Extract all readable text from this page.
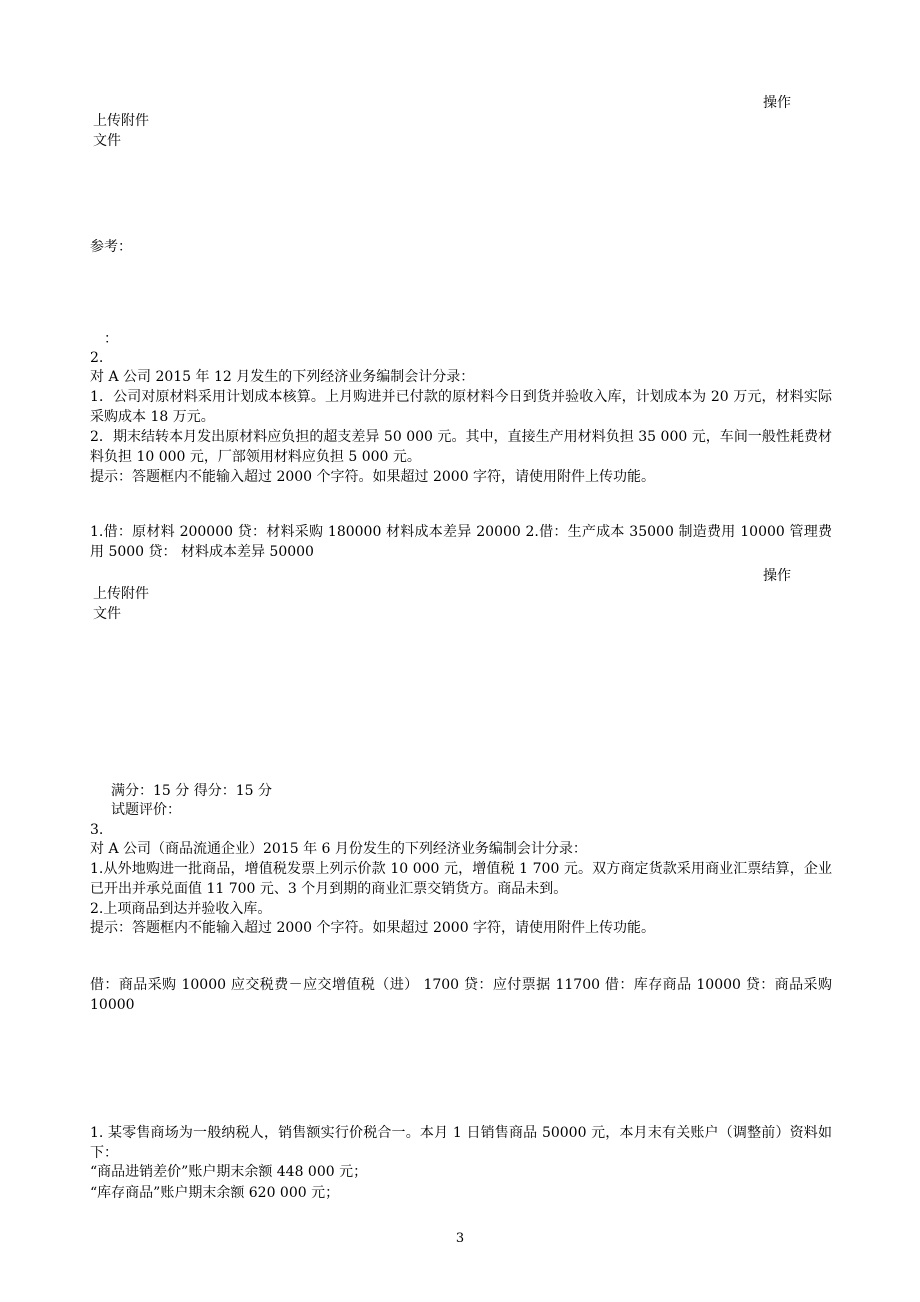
操作
上传附件
文件
参考：
：
2.
对 A 公司 2015 年 12 月发生的下列经济业务编制会计分录：
1．公司对原材料采用计划成本核算。上月购进并已付款的原材料今日到货并验收入库，计划成本为 20 万元，材料实际采购成本 18 万元。
2．期末结转本月发出原材料应负担的超支差异 50 000 元。其中，直接生产用材料负担 35 000 元，车间一般性耗费材料负担 10 000 元，厂部领用材料应负担 5 000 元。
提示：答题框内不能输入超过 2000 个字符。如果超过 2000 字符，请使用附件上传功能。
1.借：原材料 200000 贷：材料采购 180000 材料成本差异 20000 2.借：生产成本 35000 制造费用 10000 管理费用 5000 贷： 材料成本差异 50000
操作
上传附件
文件
满分：15 分 得分：15 分
试题评价：
3.
对 A 公司（商品流通企业）2015 年 6 月份发生的下列经济业务编制会计分录：
1.从外地购进一批商品，增值税发票上列示价款 10 000 元，增值税 1 700 元。双方商定货款采用商业汇票结算，企业已开出并承兑面值 11 700 元、3 个月到期的商业汇票交销货方。商品未到。
2.上项商品到达并验收入库。
提示：答题框内不能输入超过 2000 个字符。如果超过 2000 字符，请使用附件上传功能。
借：商品采购 10000 应交税费－应交增值税（进） 1700 贷：应付票据 11700 借：库存商品 10000 贷：商品采购 10000
1. 某零售商场为一般纳税人，销售额实行价税合一。本月 1 日销售商品 50000 元，本月末有关账户（调整前）资料如下：
“商品进销差价”账户期末余额 448 000 元；
“库存商品”账户期末余额 620 000 元；
3
